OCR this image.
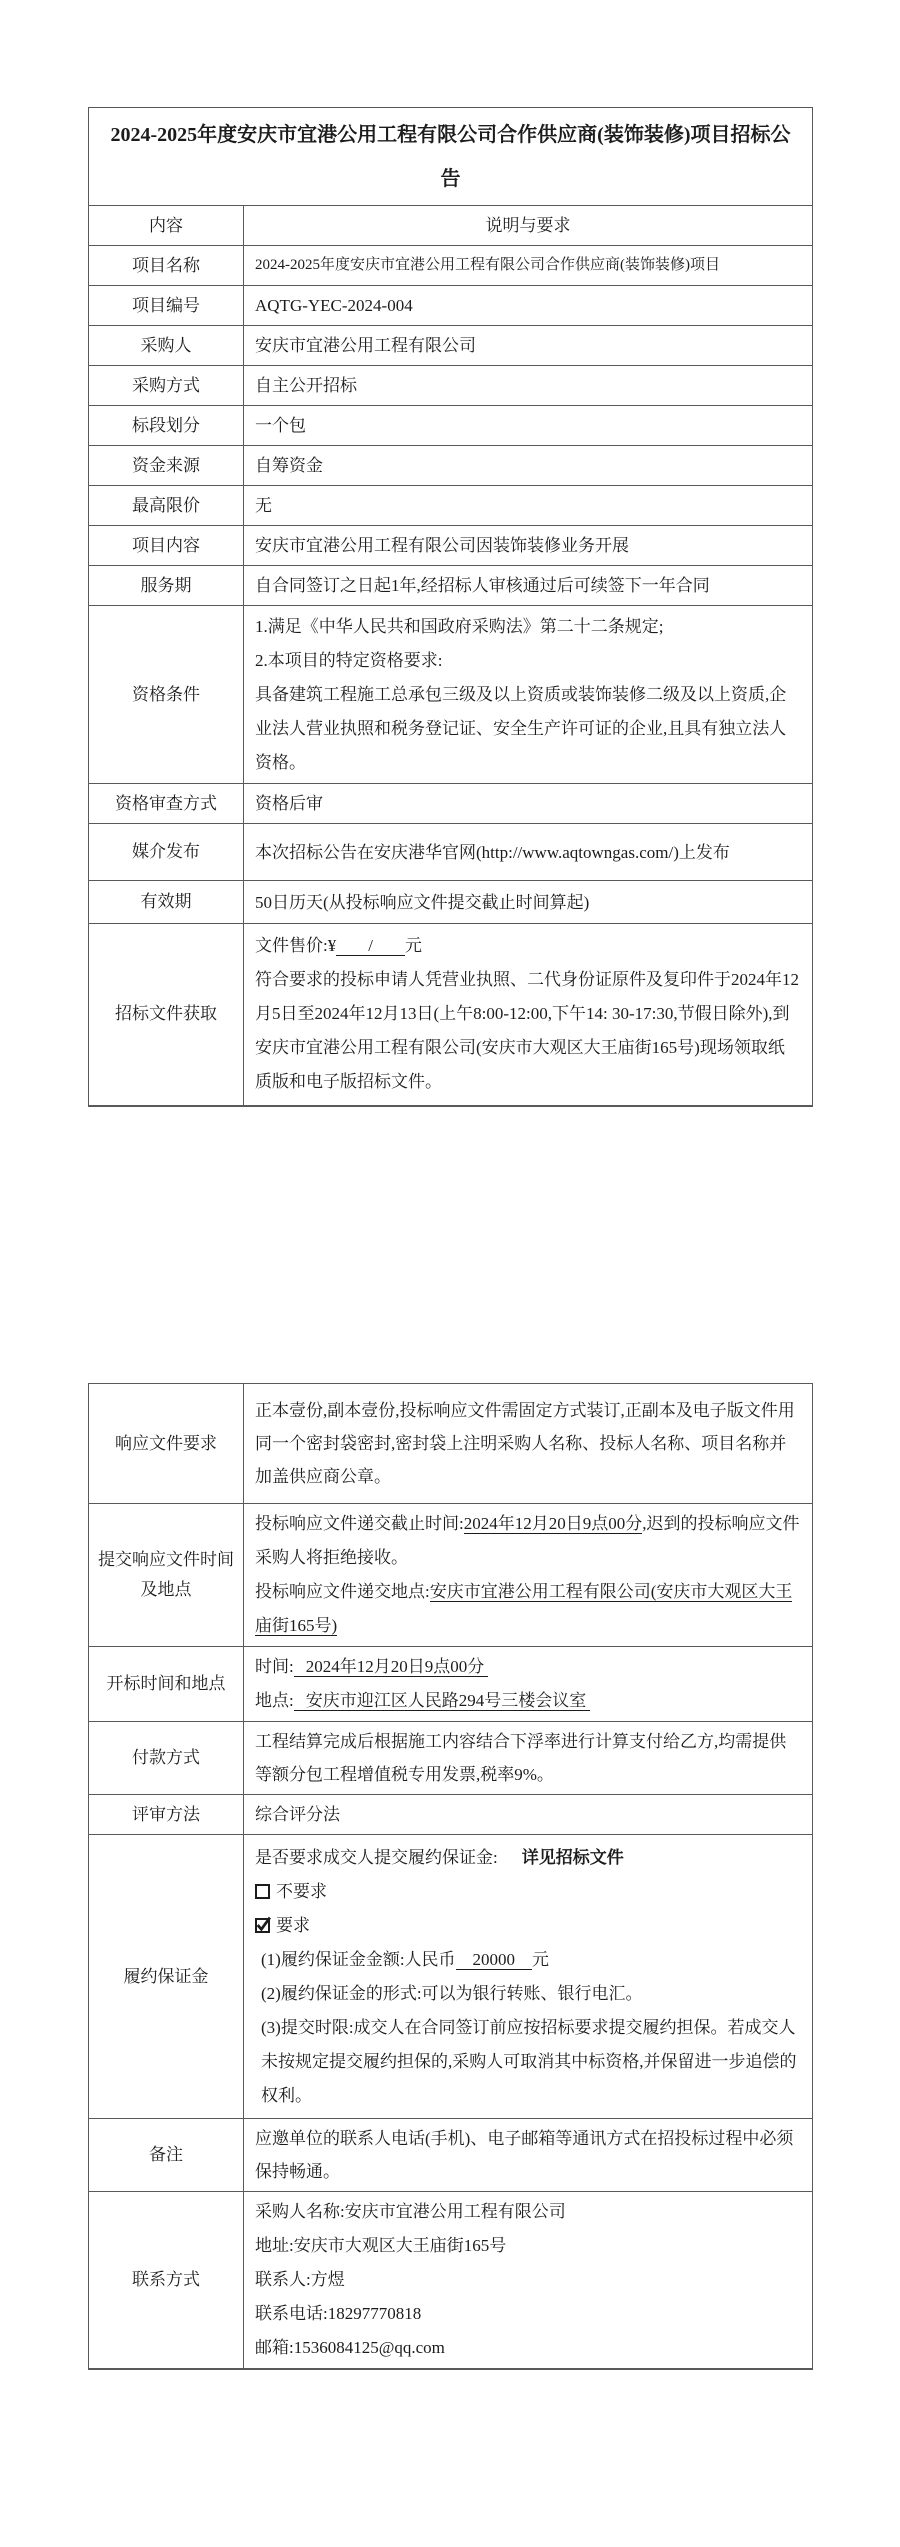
2024-2025年度安庆市宜港公用工程有限公司合作供应商(装饰装修)项目招标公告	
内容	说明与要求
项目名称	2024-2025年度安庆市宜港公用工程有限公司合作供应商(装饰装修)项目
项目编号	AQTG-YEC-2024-004
采购人	安庆市宜港公用工程有限公司
采购方式	自主公开招标
标段划分	一个包
资金来源	自筹资金
最高限价	无
项目内容	安庆市宜港公用工程有限公司因装饰装修业务开展
服务期	自合同签订之日起1年,经招标人审核通过后可续签下一年合同
资格条件	1.满足《中华人民共和国政府采购法》第二十二条规定;
2.本项目的特定资格要求:
具备建筑工程施工总承包三级及以上资质或装饰装修二级及以上资质,企业法人营业执照和税务登记证、安全生产许可证的企业,且具有独立法人资格。

资格审查方式	资格后审
媒介发布	本次招标公告在安庆港华官网(http://www.aqtowngas.com/)上发布
有效期	50日历天(从投标响应文件提交截止时间算起)
招标文件获取	文件售价:¥ / 元
符合要求的投标申请人凭营业执照、二代身份证原件及复印件于2024年12月5日至2024年12月13日(上午8:00-12:00,下午14: 30-17:30,节假日除外),到安庆市宜港公用工程有限公司(安庆市大观区大王庙街165号)现场领取纸质版和电子版招标文件。
响应文件要求	正本壹份,副本壹份,投标响应文件需固定方式装订,正副本及电子版文件用同一个密封袋密封,密封袋上注明采购人名称、投标人名称、项目名称并加盖供应商公章。
提交响应文件时间及地点	投标响应文件递交截止时间:2024年12月20日9点00分,迟到的投标响应文件采购人将拒绝接收。
投标响应文件递交地点:安庆市宜港公用工程有限公司(安庆市大观区大王庙街165号)

开标时间和地点	时间: 2024年12月20日9点00分
地点: 安庆市迎江区人民路294号三楼会议室

付款方式	工程结算完成后根据施工内容结合下浮率进行计算支付给乙方,均需提供等额分包工程增值税专用发票,税率9%。
评审方法	综合评分法
履约保证金	
是否要求成交人提交履约保证金: 详见招标文件
不要求
要求
(1)履约保证金金额:人民币 20000 元
(2)履约保证金的形式:可以为银行转账、银行电汇。
(3)提交时限:成交人在合同签订前应按招标要求提交履约担保。若成交人未按规定提交履约担保的,采购人可取消其中标资格,并保留进一步追偿的权利。

备注	应邀单位的联系人电话(手机)、电子邮箱等通讯方式在招投标过程中必须保持畅通。
联系方式	采购人名称:安庆市宜港公用工程有限公司
地址:安庆市大观区大王庙街165号
联系人:方煜
联系电话:18297770818
邮箱:1536084125@qq.com
